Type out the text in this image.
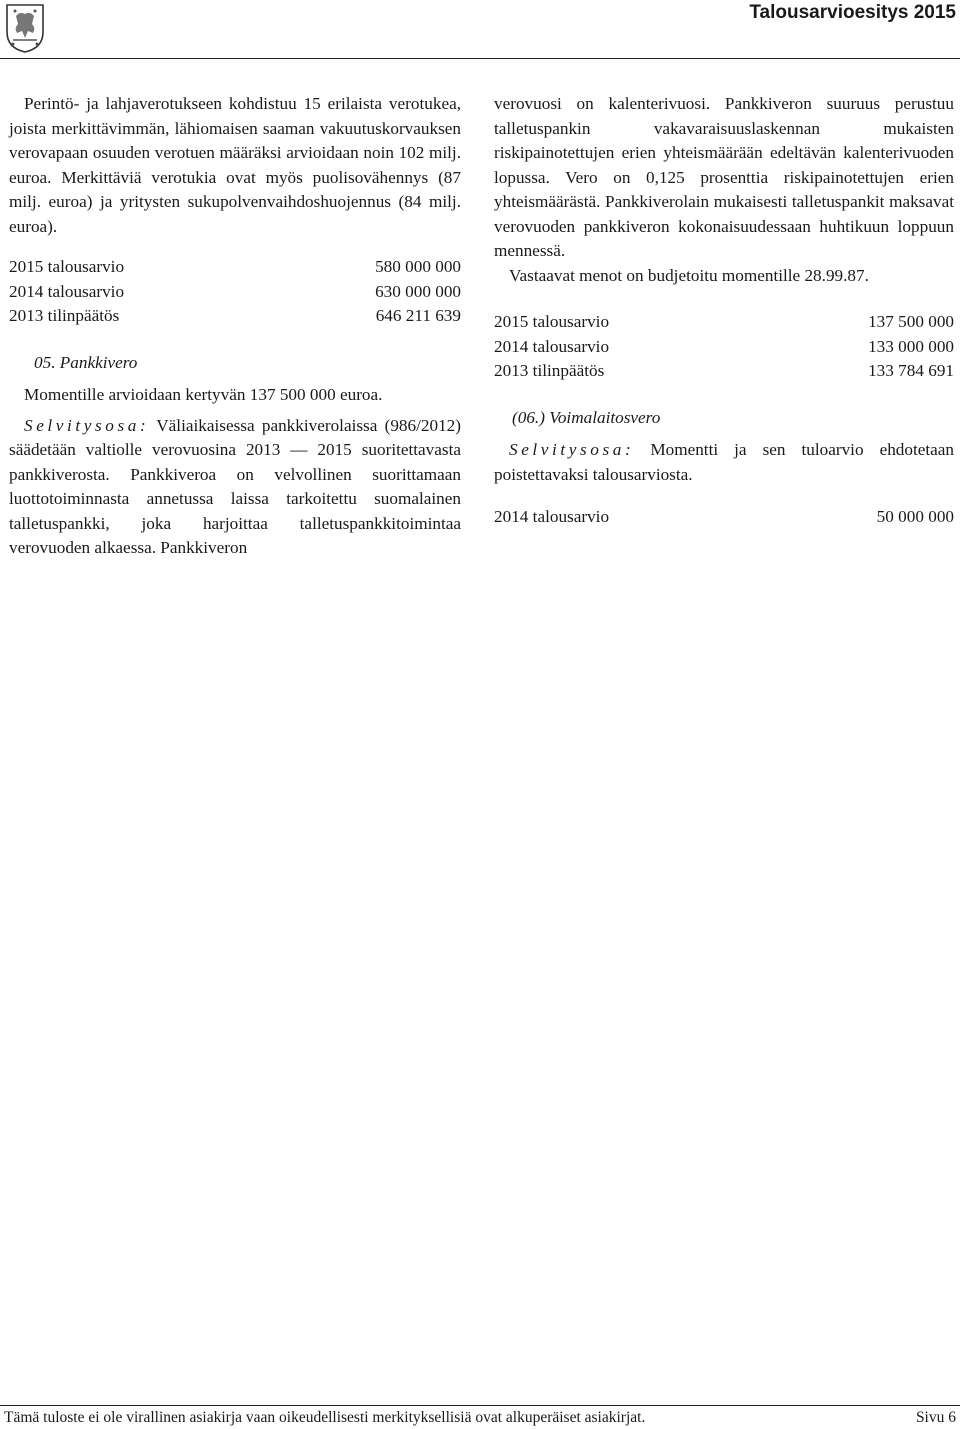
Talousarvioesitys 2015

Perintö- ja lahjaverotukseen kohdistuu 15 erilaista verotukea, joista merkittävimmän, lähiomaisen saaman vakuutuskorvauksen verovapaan osuuden verotuen määräksi arvioidaan noin 102 milj. euroa. Merkittäviä verotukia ovat myös puolisovähennys (87 milj. euroa) ja yritysten sukupolvenvaihdoshuojennus (84 milj. euroa).

2015 talousarvio	580 000 000
2014 talousarvio	630 000 000
2013 tilinpäätös	646 211 639
05. Pankkivero

Momentille arvioidaan kertyvän 137 500 000 euroa.

Selvitysosa: Väliaikaisessa pankkiverolaissa (986/2012) säädetään valtiolle verovuosina 2013 — 2015 suoritettavasta pankkiverosta. Pankkiveroa on velvollinen suorittamaan luottotoiminnasta annetussa laissa tarkoitettu suomalainen talletuspankki, joka harjoittaa talletuspankkitoimintaa verovuoden alkaessa. Pankkiveron

verovuosi on kalenterivuosi. Pankkiveron suuruus perustuu talletuspankin vakavaraisuuslaskennan mukaisten riskipainotettujen erien yhteismäärään edeltävän kalenterivuoden lopussa. Vero on 0,125 prosenttia riskipainotettujen erien yhteismäärästä. Pankkiverolain mukaisesti talletuspankit maksavat verovuoden pankkiveron kokonaisuudessaan huhtikuun loppuun mennessä.

Vastaavat menot on budjetoitu momentille 28.99.87.

2015 talousarvio	137 500 000
2014 talousarvio	133 000 000
2013 tilinpäätös	133 784 691
(06.) Voimalaitosvero

Selvitysosa: Momentti ja sen tuloarvio ehdotetaan poistettavaksi talousarviosta.

2014 talousarvio	50 000 000
Tämä tuloste ei ole virallinen asiakirja vaan oikeudellisesti merkityksellisiä ovat alkuperäiset asiakirjat.	Sivu 6
